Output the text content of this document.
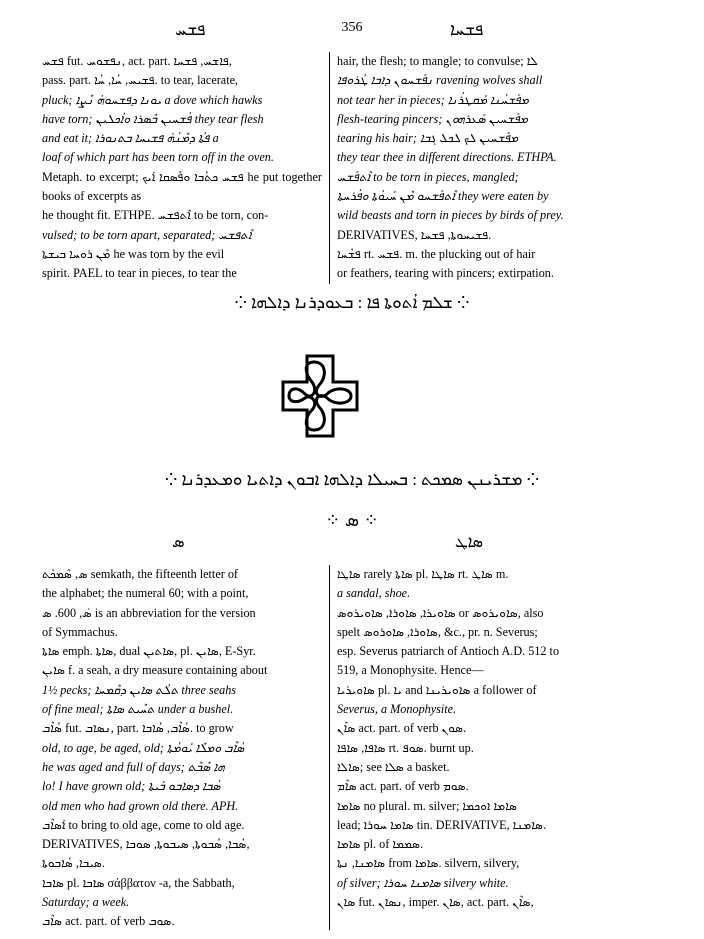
ܦܫܚ	356	ܦܫܚܐ

ܦܫܚ fut. ܢܦܫܘܚ, act. part. ܦܐܫܚ, ܦܫܚܐ,

pass. part. ܦܫܝܚ, ܚܳܐ, ܚܳܐ. to tear, lacerate,

pluck; ܝܘܢܐ ܕܦܫܚܘܗ̇ ܢܶܨܐ a dove which hawks

have torn; ܦܳܫܚܝܢ ܒܶܣܪܐ ܘܐܳܟܠܝܢ they tear flesh

and eat it; ܦܬܳܐ ܕܡܶܢܳܗ̇ ܦܫܝܚܐ ܒܬܢܘܪܐ a

loaf of which part has been torn off in the oven.

Metaph. to excerpt; ܦܫܚ ܟܬܳܒܐ ܘܦܶܣܩܐ ܐܰܝܟ he put together books of excerpts as

he thought fit. ETHPE. ܐܶܬܦܫܚ to be torn, con-

vulsed; to be torn apart, separated; ܐܶܬܦܫܚ

ܡܶܢ ܪܘܚܐ ܒܝܫܬܐ he was torn by the evil

spirit. PAEL to tear in pieces, to tear the

hair, the flesh; to mangle; to convulse; ܠܐ

ܢܦܰܫܚܘܢ ܕܐܒܐ ܛܳܪܘܦܐ ravening wolves shall

not tear her in pieces; ܡܦܰܫܚܳܢܐ ܡܰܩܛܪܳܢܐ

flesh-tearing pincers; ܡܦܰܫܚܝܢ ܣܰܥܪܗܘܢ

tearing his hair; ܡܦܰܫܚܝܢ ܠܟ ܠܟܠ ܓܒܐ

they tear thee in different directions. ETHPA.

ܐܶܬܦܰܫܚ to be torn in pieces, mangled;

ܐܶܬܦܰܫܚܘ ܡܶܢ ܚܰܝܘܳܬܐ ܘܦܳܪܚܬܐ they were eaten by

wild beasts and torn in pieces by birds of prey.

DERIVATIVES, ܦܫܝܚܘܬܐ, ܦܫܚܐ.

ܦܫܳܚܐ rt. ܦܫܚ. m. the plucking out of hair

or feathers, tearing with pincers; extirpation.

⁘ ܫܠܡ ܐܳܬܘܬܐ ܦܐ : ܒܥܘܕܪܢܐ ܕܐܠܗܐ ⁘
⁘ ܡܫܪܝܢܢ ܣܡܟܬ : ܒܚܝܠܐ ܕܐܠܗܐ ܐܒܘܢ ܕܐܬܝܐ ܘܡܥܕܪܢܐ ⁘
⁘ ܣ ⁘
ܣ	ܣܐܛ

ܣ, ܣܶܡܟܰܬ semkath, the fifteenth letter of

the alphabet; the numeral 60; with a point,

ܣ̇, 600. ܣ is an abbreviation for the version

of Symmachus.

ܣܐܬܐ emph. ܣܐܬܐ, dual ܣܐܬܝܢ, pl. ܣܐܝܢ, E-Syr.

ܣܐܝܢ f. a seah, a dry measure containing about

1½ pecks; ܬܠܳܬ ܣܐܝܢ ܕܩܶܡܚܐ three seahs

of fine meal; ܬܚܶܝܬ ܣܐܬܐ under a bushel.

ܣܳܐܶܒ fut. ܢܣܐܒ, part. ܣܳܐܶܒ, ܣܳܐܒܐ. to grow

old, to age, be aged, old; ܣܳܐܶܒ ܘܡܠܶܐ ܝܰܘܡܳܬܐ

he was aged and full of days; ܗܐ ܣܶܒܶܬ

lo! I have grown old; ܣܳܒܐ ܕܣܐܒܘ ܒܰܝܬܐ

old men who had grown old there. APH.

ܐܰܣܐܶܒ to bring to old age, come to old age.

DERIVATIVES, ܣܳܒܐ, ܣܳܒܘܬܐ, ܣܝܒܘܬܐ, ܣܘܒܐ,

ܣܝܒܐ, ܣܳܐܒܘܬܐ.

ܣܐܒܐ pl. ܣܐܒܐ σάββατον -a, the Sabbath,

Saturday; a week.

ܣܐܶܒ act. part. of verb ܣܘܒ.

ܣܐܛܐ rarely ܣܐܬܐ pl. ܣܐܛܐ rt. ܣܐܛ m.

a sandal, shoe.

ܣܐܘܝܪܐ, ܣܐܘܪܐ, ܣܐܘܝܪܘܣ or ܣܐܘܝܪܘܣ, also

spelt ܣܐܘܪܐ, ܣܐܘܪܘܣ, &c., pr. n. Severus;

esp. Severus patriarch of Antioch A.D. 512 to

519, a Monophysite. Hence—

ܣܐܘܝܪܝܐ pl. ܝܐ and ܣܐܘܝܪܝܢܐ a follower of

Severus, a Monophysite.

ܣܐܶܢ act. part. of verb ܣܘܢ.

ܣܐܦܐ, ܣܐܦܐ rt. ܣܘܦ. burnt up.

ܣܐܠܐ; see ܣܠܐ a basket.

ܣܐܶܡ act. part. of verb ܣܘܡ.

ܣܐܡܐ no plural. m. silver; ܣܐܡܐ ܐܘܟܡܐ

lead; ܣܐܡܐ ܚܘܪܐ tin. DERIVATIVE, ܣܐܡܢܐ.

ܣܐܡܐ pl. of ܣܡܡܐ.

ܣܐܡܢܐ, ܢܬܐ from ܣܐܡܐ. silvern, silvery,

of silver; ܣܐܡܢܐ ܚܘܪܐ silvery white.

ܣܐܢ fut. ܢܣܐܢ, imper. ܣܐܢ, act. part. ܣܐܶܢ,
